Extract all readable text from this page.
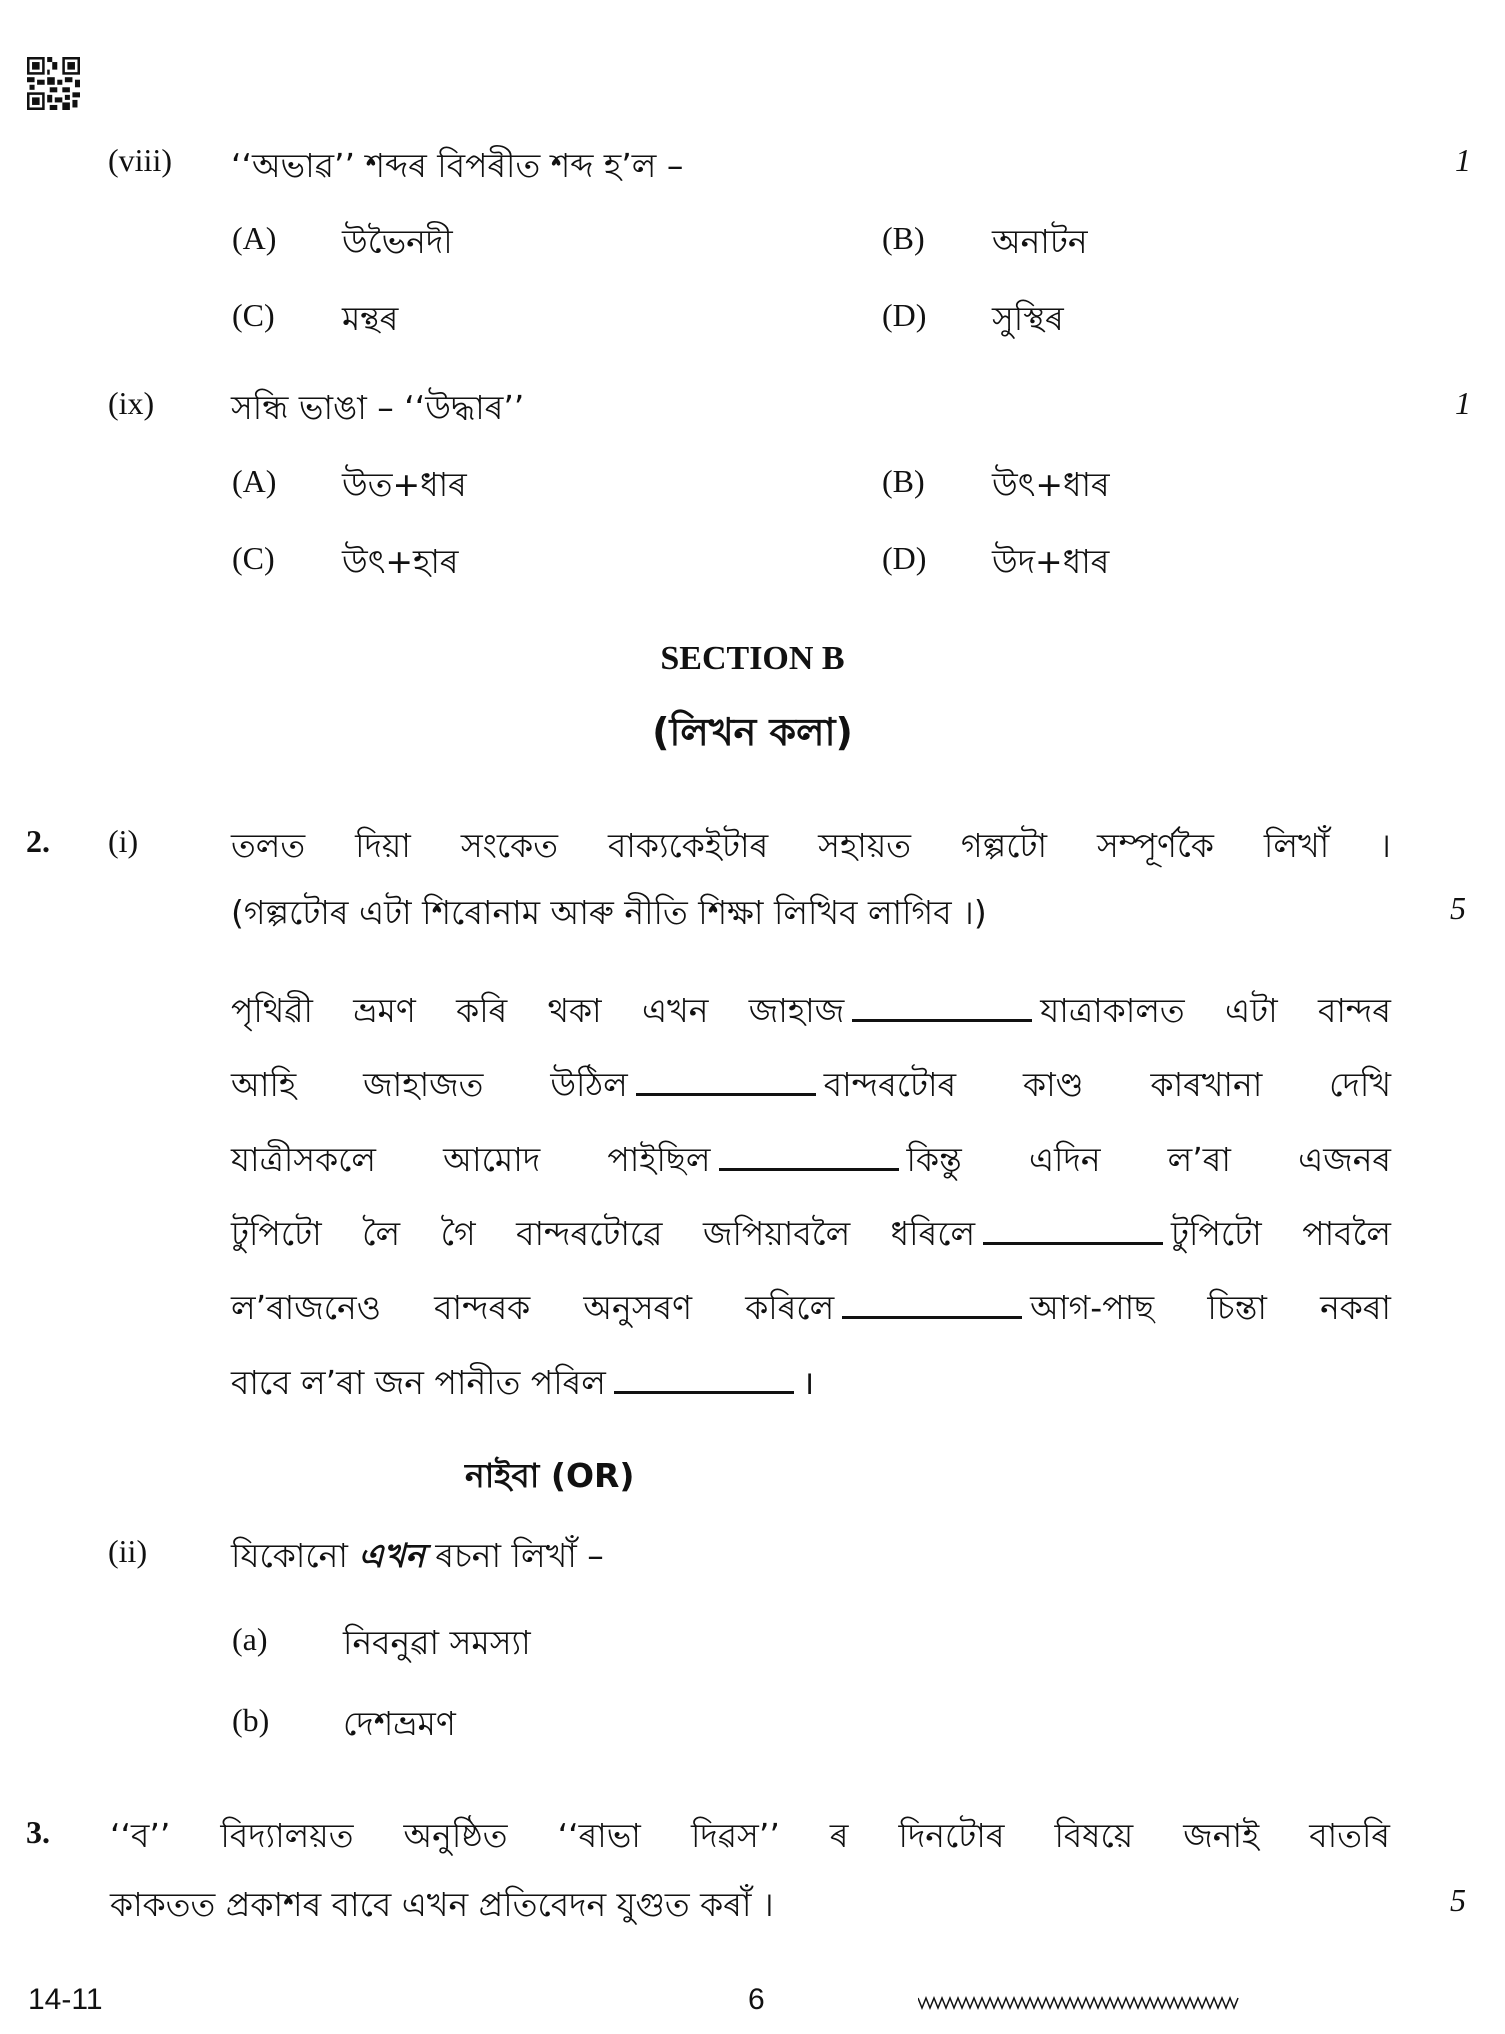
(viii) ‘‘অভাৱ’’ শব্দৰ বিপৰীত শব্দ হ’ল –	1
(A) উভৈনদী	(B) অনাটন
(C) মন্থৰ	(D) সুস্থিৰ
(ix) সন্ধি ভাঙা – ‘‘উদ্ধাৰ’’	1
(A) উত+ধাৰ	(B) উৎ+ধাৰ
(C) উৎ+হাৰ	(D) উদ+ধাৰ
SECTION B
(লিখন কলা)
2. (i)	তলত দিয়া সংকেত বাক্যকেইটাৰ সহায়ত গল্পটো সম্পূৰ্ণকৈ লিখাঁ ।
(গল্পটোৰ এটা শিৰোনাম আৰু নীতি শিক্ষা লিখিব লাগিব ।)	5
পৃথিৱী ভ্ৰমণ কৰি থকা এখন জাহাজ	যাত্ৰাকালত এটা বান্দৰ
আহি জাহাজত উঠিল	বান্দৰটোৰ কাণ্ড কাৰখানা দেখি
যাত্ৰীসকলে আমোদ পাইছিল	কিন্তু এদিন ল’ৰা এজনৰ
টুপিটো লৈ গৈ বান্দৰটোৱে জপিয়াবলৈ ধৰিলে	টুপিটো পাবলৈ
ল’ৰাজনেও বান্দৰক অনুসৰণ কৰিলে	আগ-পাছ চিন্তা নকৰা
বাবে ল’ৰা জন পানীত পৰিল	।
নাইবা (OR)
(ii)	যিকোনো এখন ৰচনা লিখাঁ –
(a) নিবনুৱা সমস্যা
(b) দেশভ্ৰমণ
3. ‘‘ব’’ বিদ্যালয়ত অনুষ্ঠিত ‘‘ৰাভা দিৱস’’ ৰ দিনটোৰ বিষয়ে জনাই বাতৰি
কাকতত প্ৰকাশৰ বাবে এখন প্ৰতিবেদন যুগুত কৰাঁ ।	5
14-11	6
